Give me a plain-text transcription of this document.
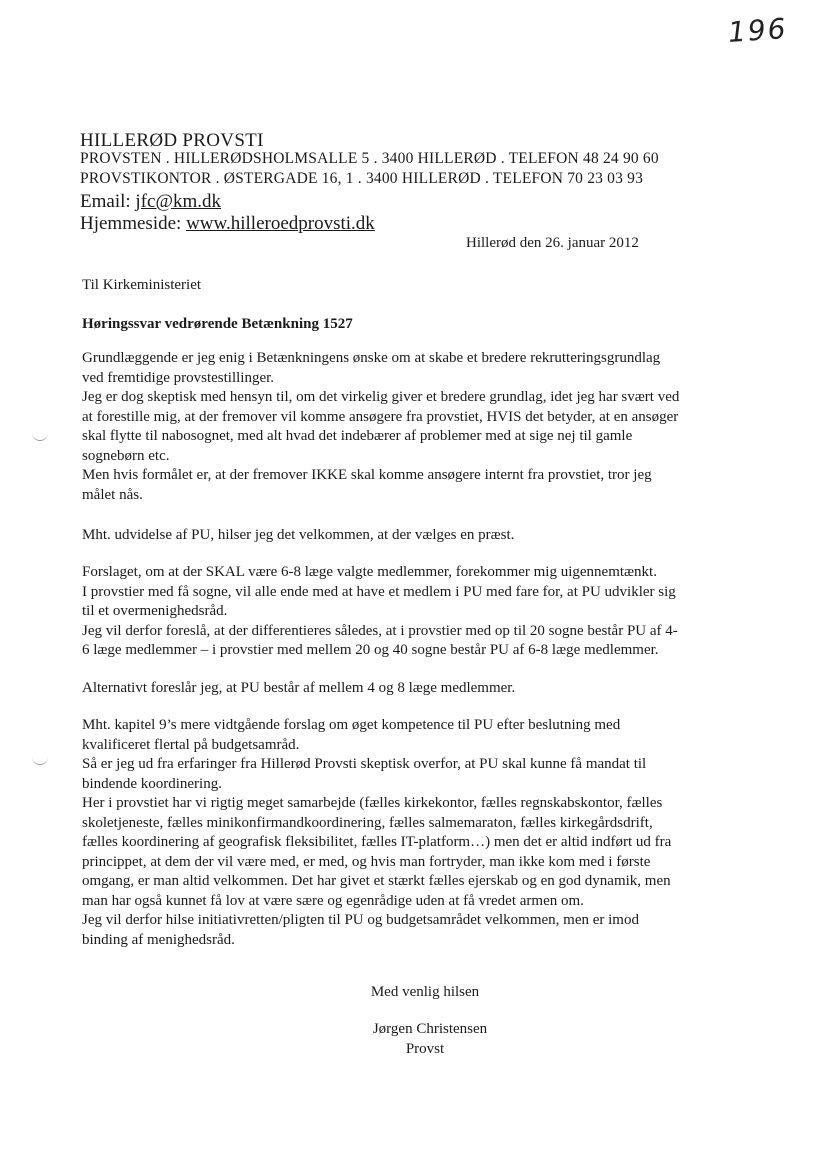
196
HILLERØD PROVSTI
PROVSTEN . HILLERØDSHOLMSALLE 5 . 3400 HILLERØD . TELEFON 48 24 90 60
PROVSTIKONTOR . ØSTERGADE 16, 1 . 3400 HILLERØD . TELEFON 70 23 03 93
Email: jfc@km.dk
Hjemmeside: www.hilleroedprovsti.dk
Hillerød den 26. januar 2012
Til Kirkeministeriet
Høringssvar vedrørende Betænkning 1527
Grundlæggende er jeg enig i Betænkningens ønske om at skabe et bredere rekrutteringsgrundlag
ved fremtidige provstestillinger.
Jeg er dog skeptisk med hensyn til, om det virkelig giver et bredere grundlag, idet jeg har svært ved
at forestille mig, at der fremover vil komme ansøgere fra provstiet, HVIS det betyder, at en ansøger
skal flytte til nabosognet, med alt hvad det indebærer af problemer med at sige nej til gamle
sognebørn etc.
Men hvis formålet er, at der fremover IKKE skal komme ansøgere internt fra provstiet, tror jeg
målet nås.
Mht. udvidelse af PU, hilser jeg det velkommen, at der vælges en præst.
Forslaget, om at der SKAL være 6-8 læge valgte medlemmer, forekommer mig uigennemtænkt.
I provstier med få sogne, vil alle ende med at have et medlem i PU med fare for, at PU udvikler sig
til et overmenighedsråd.
Jeg vil derfor foreslå, at der differentieres således, at i provstier med op til 20 sogne består PU af 4-
6 læge medlemmer – i provstier med mellem 20 og 40 sogne består PU af 6-8 læge medlemmer.
Alternativt foreslår jeg, at PU består af mellem 4 og 8 læge medlemmer.
Mht. kapitel 9’s mere vidtgående forslag om øget kompetence til PU efter beslutning med
kvalificeret flertal på budgetsamråd.
Så er jeg ud fra erfaringer fra Hillerød Provsti skeptisk overfor, at PU skal kunne få mandat til
bindende koordinering.
Her i provstiet har vi rigtig meget samarbejde (fælles kirkekontor, fælles regnskabskontor, fælles
skoletjeneste, fælles minikonfirmandkoordinering, fælles salmemaraton, fælles kirkegårdsdrift,
fælles koordinering af geografisk fleksibilitet, fælles IT-platform…) men det er altid indført ud fra
princippet, at dem der vil være med, er med, og hvis man fortryder, man ikke kom med i første
omgang, er man altid velkommen. Det har givet et stærkt fælles ejerskab og en god dynamik, men
man har også kunnet få lov at være sære og egenrådige uden at få vredet armen om.
Jeg vil derfor hilse initiativretten/pligten til PU og budgetsamrådet velkommen, men er imod
binding af menighedsråd.
Med venlig hilsen
Jørgen Christensen
Provst
